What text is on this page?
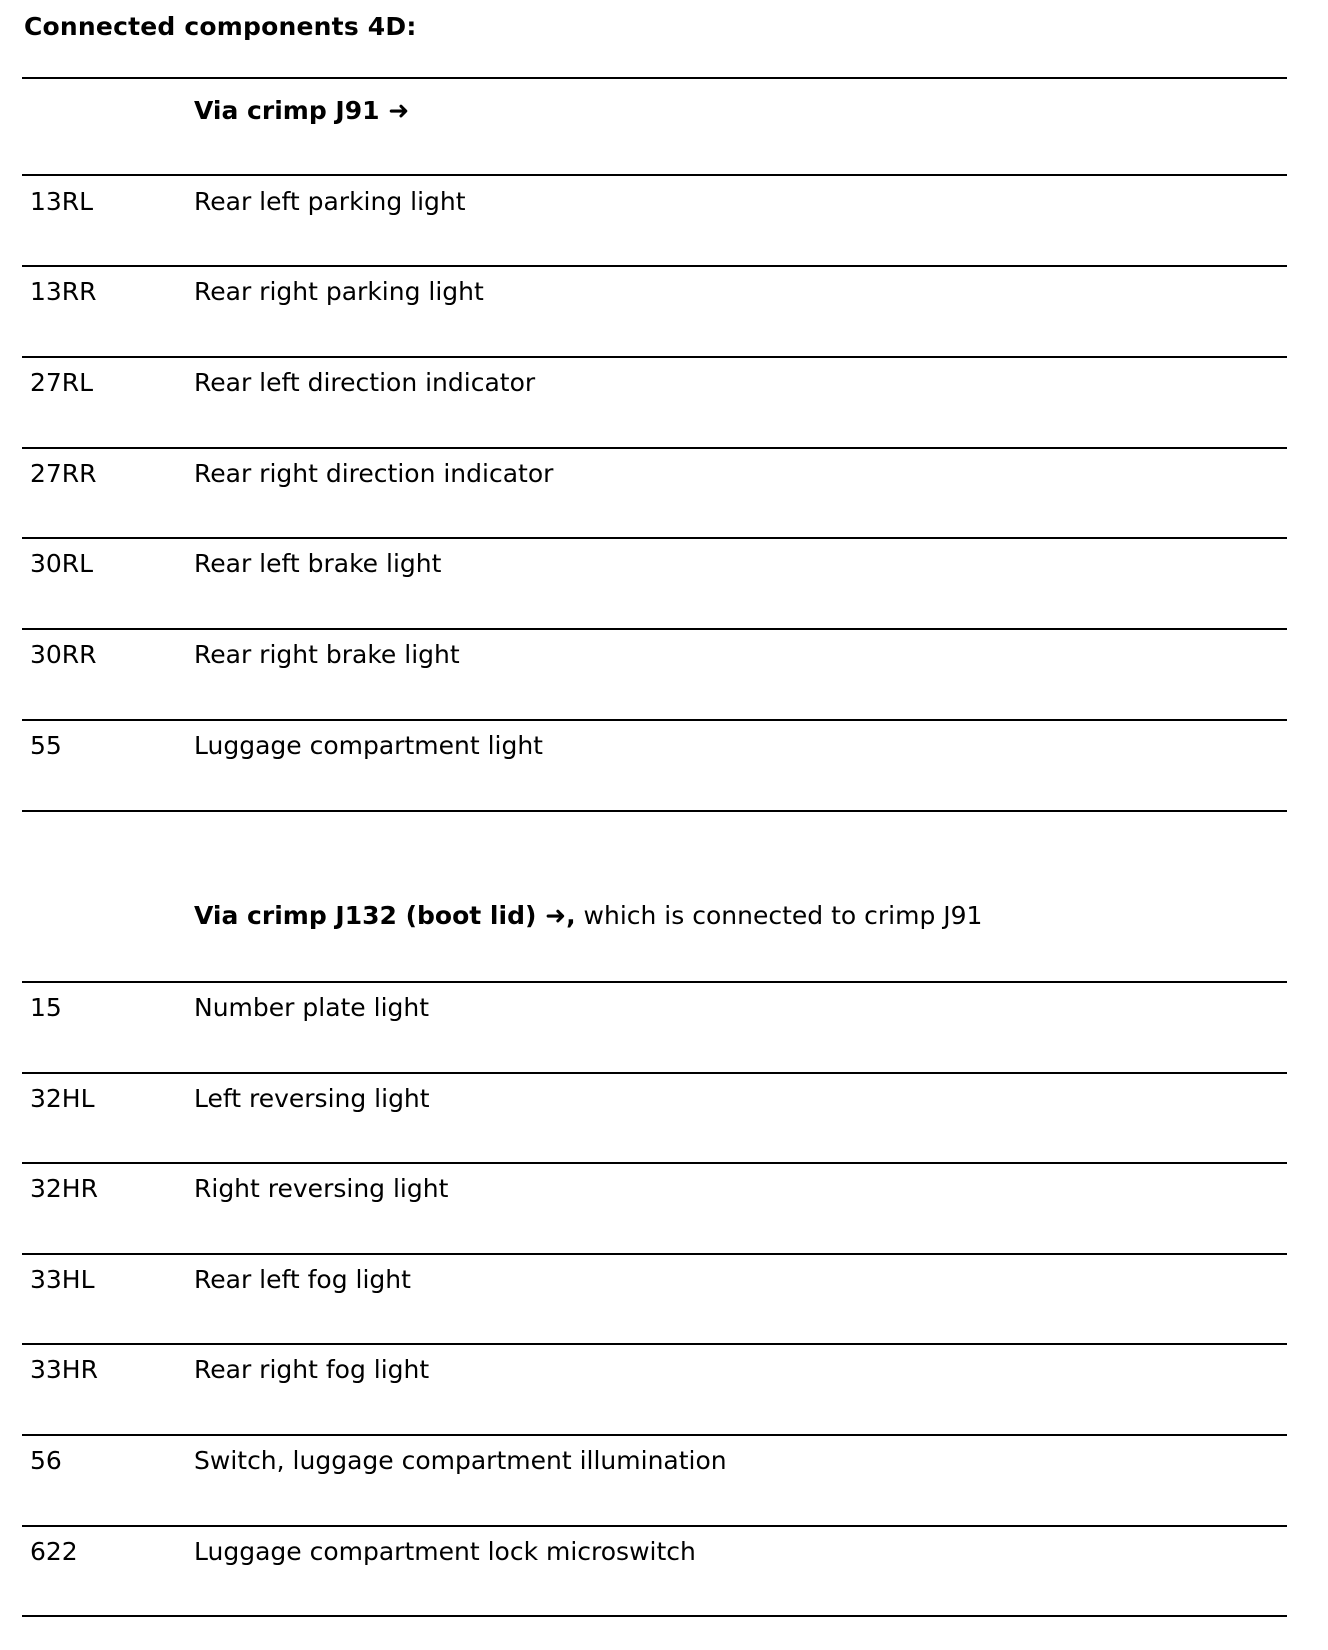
Connected components 4D:
Via crimp J91 ➜
13RL	Rear left parking light
13RR	Rear right parking light
27RL	Rear left direction indicator
27RR	Rear right direction indicator
30RL	Rear left brake light
30RR	Rear right brake light
55	Luggage compartment light
Via crimp J132 (boot lid) ➜, which is connected to crimp J91
15	Number plate light
32HL	Left reversing light
32HR	Right reversing light
33HL	Rear left fog light
33HR	Rear right fog light
56	Switch, luggage compartment illumination
622	Luggage compartment lock microswitch
